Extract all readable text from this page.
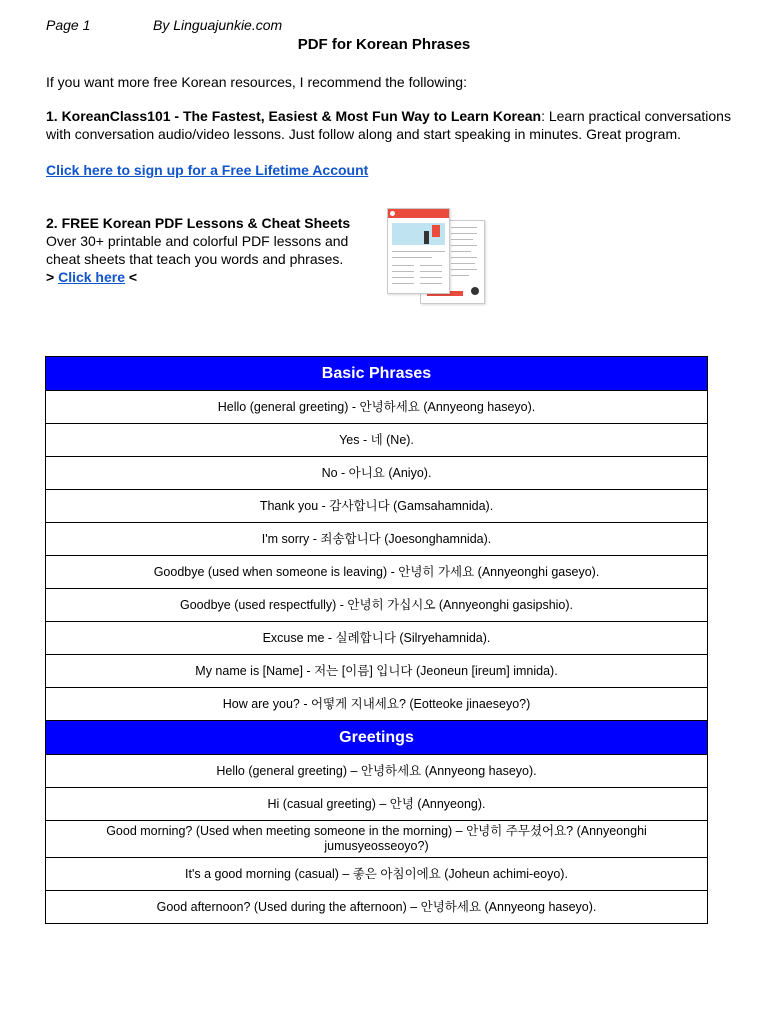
Page 1	By Linguajunkie.com
PDF for Korean Phrases
If you want more free Korean resources, I recommend the following:
1. KoreanClass101 - The Fastest, Easiest & Most Fun Way to Learn Korean: Learn practical conversations with conversation audio/video lessons. Just follow along and start speaking in minutes. Great program.
Click here to sign up for a Free Lifetime Account
2. FREE Korean PDF Lessons & Cheat Sheets
Over 30+ printable and colorful PDF lessons and cheat sheets that teach you words and phrases.
> Click here <
Basic Phrases
Hello (general greeting) - 안녕하세요 (Annyeong haseyo).
Yes - 네 (Ne).
No - 아니요 (Aniyo).
Thank you - 감사합니다 (Gamsahamnida).
I'm sorry - 죄송합니다 (Joesonghamnida).
Goodbye (used when someone is leaving) - 안녕히 가세요 (Annyeonghi gaseyo).
Goodbye (used respectfully) - 안녕히 가십시오 (Annyeonghi gasipshio).
Excuse me - 실례합니다 (Silryehamnida).
My name is [Name] - 저는 [이름] 입니다 (Jeoneun [ireum] imnida).
How are you? - 어떻게 지내세요? (Eotteoke jinaeseyo?)
Greetings
Hello (general greeting) – 안녕하세요 (Annyeong haseyo).
Hi (casual greeting) – 안녕 (Annyeong).
Good morning? (Used when meeting someone in the morning) – 안녕히 주무셨어요? (Annyeonghi jumusyeosseoyo?)
It's a good morning (casual) – 좋은 아침이에요 (Joheun achimi-eoyo).
Good afternoon? (Used during the afternoon) – 안녕하세요 (Annyeong haseyo).
